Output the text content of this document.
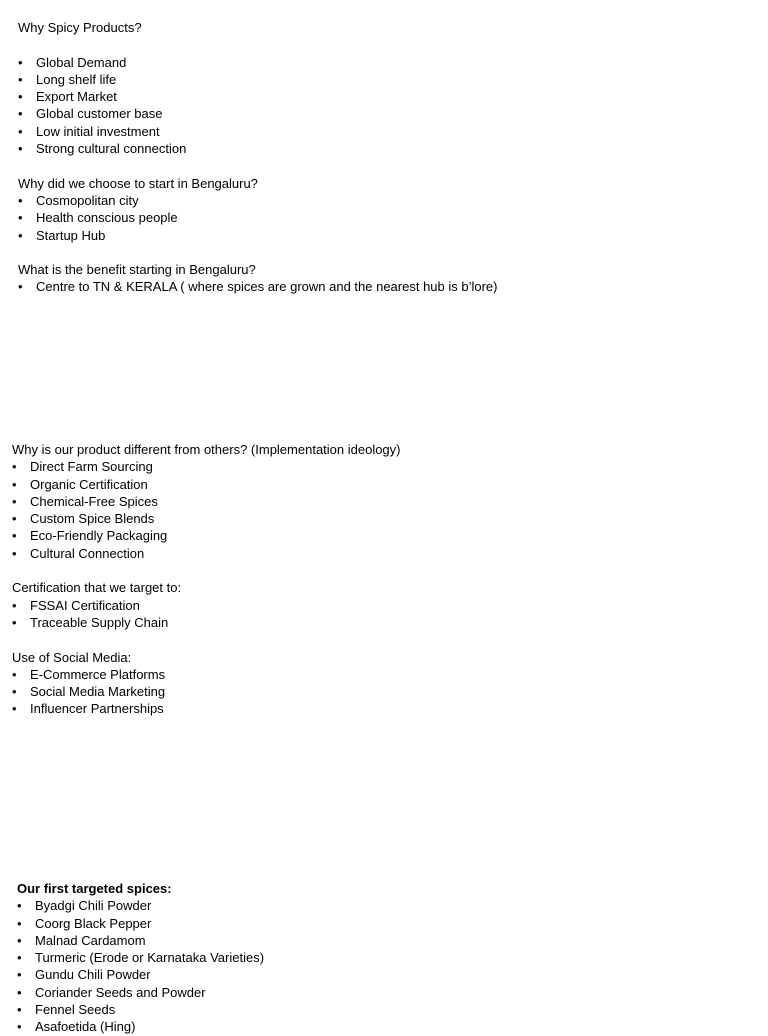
Why Spicy Products?
•	Global Demand
•	Long shelf life
•	Export Market
•	Global customer base
•	Low initial investment
•	Strong cultural connection
Why did we choose to start in Bengaluru?
•	Cosmopolitan city
•	Health conscious people
•	Startup Hub
What is the benefit starting in Bengaluru?
•	Centre to TN & KERALA ( where spices are grown and the nearest hub is b’lore)
Why is our product different from others? (Implementation ideology)
•	Direct Farm Sourcing
•	Organic Certification
•	Chemical-Free Spices
•	Custom Spice Blends
•	Eco-Friendly Packaging
•	Cultural Connection
Certification that we target to:
•	FSSAI Certification
•	Traceable Supply Chain
Use of Social Media:
•	E-Commerce Platforms
•	Social Media Marketing
•	Influencer Partnerships
Our first targeted spices:
•	Byadgi Chili Powder
•	Coorg Black Pepper
•	Malnad Cardamom
•	Turmeric (Erode or Karnataka Varieties)
•	Gundu Chili Powder
•	Coriander Seeds and Powder
•	Fennel Seeds
•	Asafoetida (Hing)
